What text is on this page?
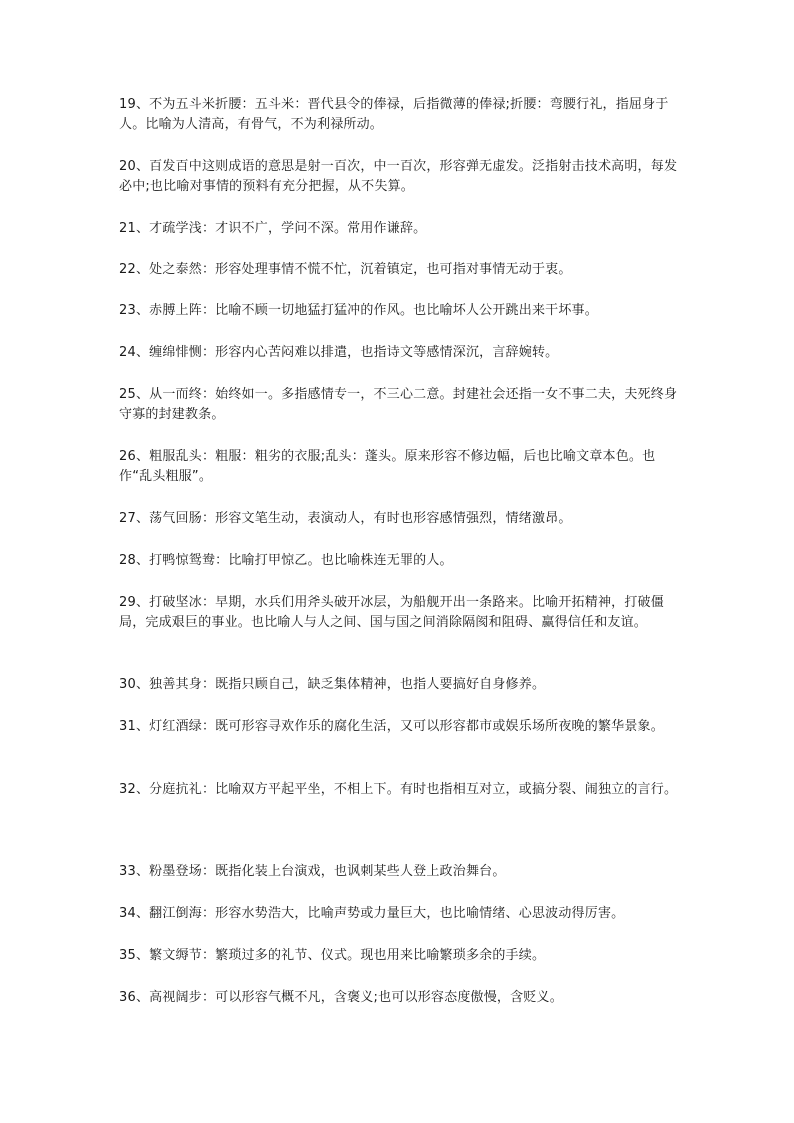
19、不为五斗米折腰：五斗米：晋代县令的俸禄，后指微薄的俸禄;折腰：弯腰行礼，指屈身于人。比喻为人清高，有骨气，不为利禄所动。
20、百发百中这则成语的意思是射一百次，中一百次，形容弹无虚发。泛指射击技术高明，每发必中;也比喻对事情的预料有充分把握，从不失算。
21、才疏学浅：才识不广，学问不深。常用作谦辞。
22、处之泰然：形容处理事情不慌不忙，沉着镇定，也可指对事情无动于衷。
23、赤膊上阵：比喻不顾一切地猛打猛冲的作风。也比喻坏人公开跳出来干坏事。
24、缠绵悱恻：形容内心苦闷难以排遣，也指诗文等感情深沉，言辞婉转。
25、从一而终：始终如一。多指感情专一，不三心二意。封建社会还指一女不事二夫，夫死终身守寡的封建教条。
26、粗服乱头：粗服：粗劣的衣服;乱头：蓬头。原来形容不修边幅，后也比喻文章本色。也作“乱头粗服”。
27、荡气回肠：形容文笔生动，表演动人，有时也形容感情强烈，情绪激昂。
28、打鸭惊鸳鸯：比喻打甲惊乙。也比喻株连无罪的人。
29、打破坚冰：早期，水兵们用斧头破开冰层，为船舰开出一条路来。比喻开拓精神，打破僵局，完成艰巨的事业。也比喻人与人之间、国与国之间消除隔阂和阻碍、赢得信任和友谊。
30、独善其身：既指只顾自己，缺乏集体精神，也指人要搞好自身修养。
31、灯红酒绿：既可形容寻欢作乐的腐化生活，又可以形容都市或娱乐场所夜晚的繁华景象。
32、分庭抗礼：比喻双方平起平坐，不相上下。有时也指相互对立，或搞分裂、闹独立的言行。
33、粉墨登场：既指化装上台演戏，也讽刺某些人登上政治舞台。
34、翻江倒海：形容水势浩大，比喻声势或力量巨大，也比喻情绪、心思波动得厉害。
35、繁文缛节：繁琐过多的礼节、仪式。现也用来比喻繁琐多余的手续。
36、高视阔步：可以形容气概不凡，含褒义;也可以形容态度傲慢，含贬义。
